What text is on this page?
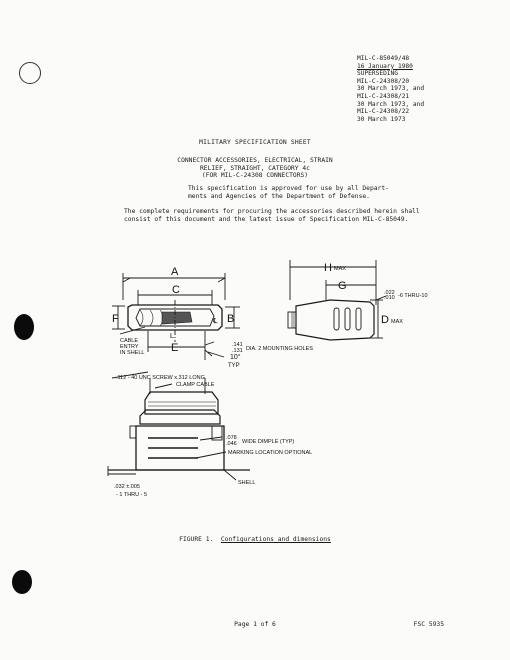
MIL-C-85049/48
16 January 1980
SUPERSEDING
MIL-C-24308/20
30 March 1973, and
MIL-C-24308/21
30 March 1973, and
MIL-C-24308/22
30 March 1973
MILITARY SPECIFICATION SHEET
CONNECTOR ACCESSORIES, ELECTRICAL, STRAIN
RELIEF, STRAIGHT, CATEGORY 4c
(FOR MIL-C-24308 CONNECTORS)
This specification is approved for use by all Depart-
ments and Agencies of the Department of Defense.
The complete requirements for procuring the accessories described herein shall
consist of this document and the latest issue of Specification MIL-C-85049.
A
C
B
F
E
℄
L
CABLE
ENTRY
IN SHELL
.141
.131 DIA. 2 MOUNTING HOLES
10°
TYP
H MAX
G
D MAX
.022
.010 -6 THRU-10
.112 - 40 UNC SCREW x.312 LONG
CLAMP CABLE
.078
.046 WIDE DIMPLE (TYP)
MARKING LOCATION OPTIONAL
SHELL
.032 ±.005
- 1 THRU - 5
FIGURE 1. Configurations and dimensions
Page 1 of 6	FSC 5935
